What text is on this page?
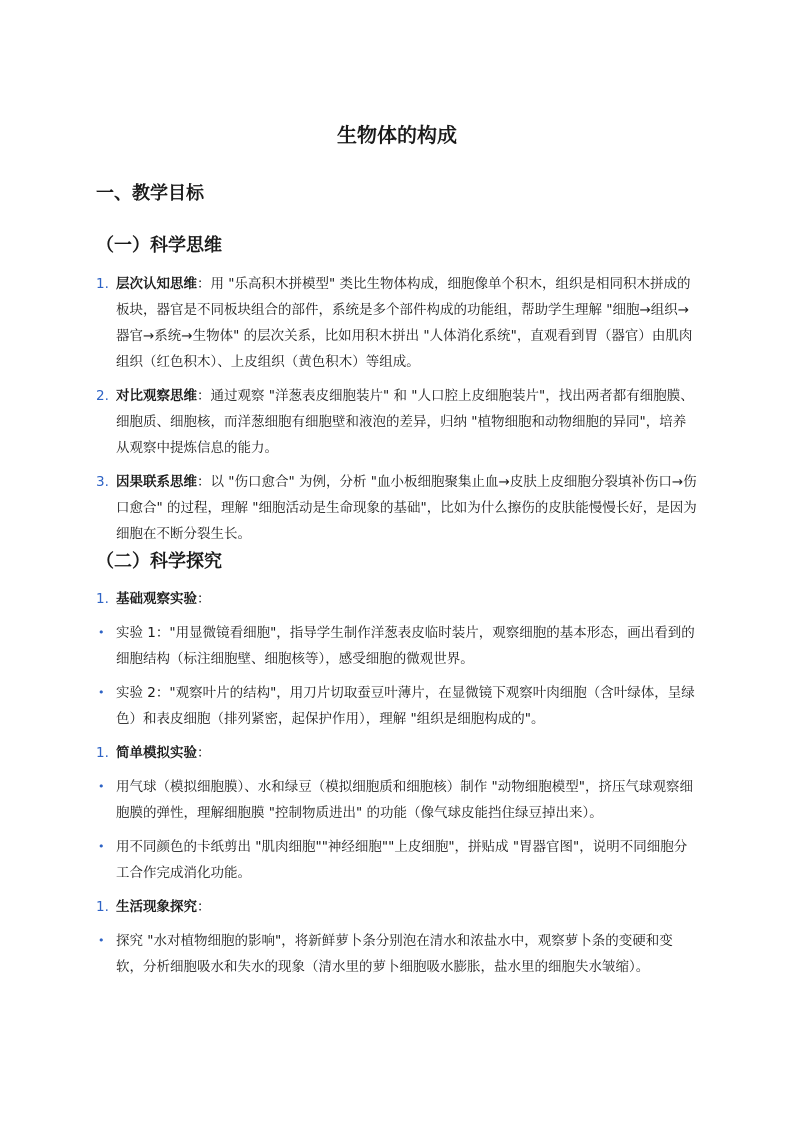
生物体的构成
一、教学目标
（一）科学思维
1. 层次认知思维：用 "乐高积木拼模型" 类比生物体构成，细胞像单个积木，组织是相同积木拼成的板块，器官是不同板块组合的部件，系统是多个部件构成的功能组，帮助学生理解 "细胞→组织→器官→系统→生物体" 的层次关系，比如用积木拼出 "人体消化系统"，直观看到胃（器官）由肌肉组织（红色积木）、上皮组织（黄色积木）等组成。
2. 对比观察思维：通过观察 "洋葱表皮细胞装片" 和 "人口腔上皮细胞装片"，找出两者都有细胞膜、细胞质、细胞核，而洋葱细胞有细胞壁和液泡的差异，归纳 "植物细胞和动物细胞的异同"，培养从观察中提炼信息的能力。
3. 因果联系思维：以 "伤口愈合" 为例，分析 "血小板细胞聚集止血→皮肤上皮细胞分裂填补伤口→伤口愈合" 的过程，理解 "细胞活动是生命现象的基础"，比如为什么擦伤的皮肤能慢慢长好，是因为细胞在不断分裂生长。
（二）科学探究
1. 基础观察实验：
• 实验 1："用显微镜看细胞"，指导学生制作洋葱表皮临时装片，观察细胞的基本形态，画出看到的细胞结构（标注细胞壁、细胞核等），感受细胞的微观世界。
• 实验 2："观察叶片的结构"，用刀片切取蚕豆叶薄片，在显微镜下观察叶肉细胞（含叶绿体，呈绿色）和表皮细胞（排列紧密，起保护作用），理解 "组织是细胞构成的"。
1. 简单模拟实验：
• 用气球（模拟细胞膜）、水和绿豆（模拟细胞质和细胞核）制作 "动物细胞模型"，挤压气球观察细胞膜的弹性，理解细胞膜 "控制物质进出" 的功能（像气球皮能挡住绿豆掉出来）。
• 用不同颜色的卡纸剪出 "肌肉细胞""神经细胞""上皮细胞"，拼贴成 "胃器官图"，说明不同细胞分工合作完成消化功能。
1. 生活现象探究：
• 探究 "水对植物细胞的影响"，将新鲜萝卜条分别泡在清水和浓盐水中，观察萝卜条的变硬和变软，分析细胞吸水和失水的现象（清水里的萝卜细胞吸水膨胀，盐水里的细胞失水皱缩）。
